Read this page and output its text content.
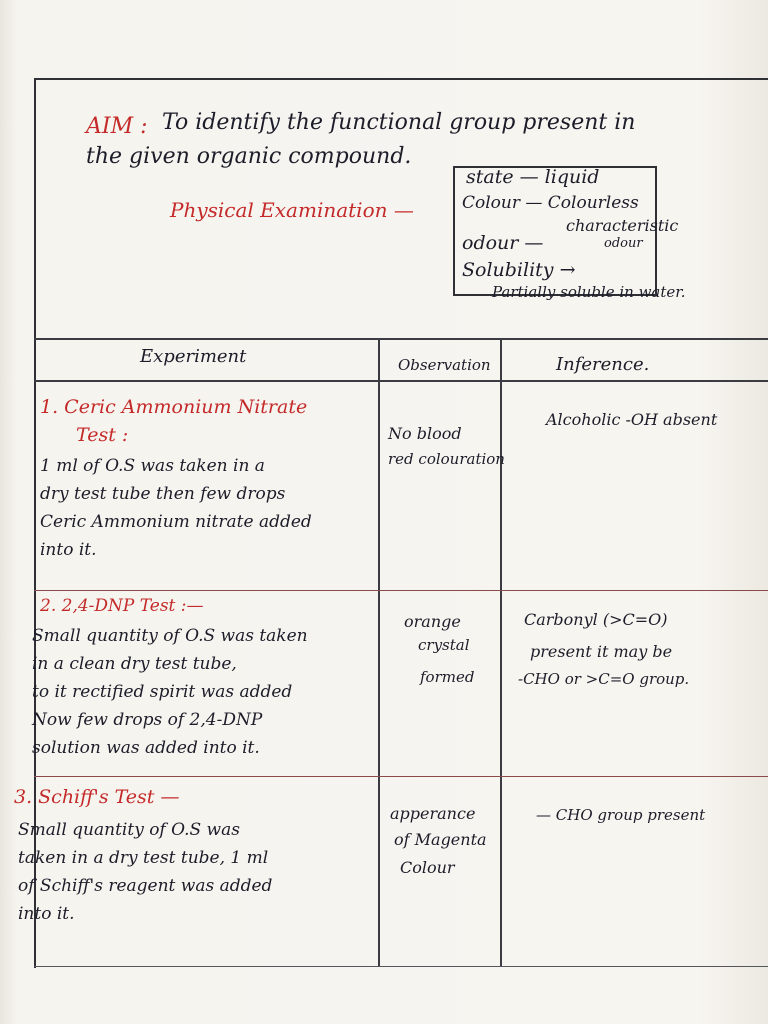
AIM : To identify the functional group present in
the given organic compound.
Physical Examination —
state — liquid
Colour — Colourless
odour —
characteristic
odour
Solubility →
Partially soluble in water.
Experiment	Observation	Inference.
1. Ceric Ammonium Nitrate
Test :
1 ml of O.S was taken in a
dry test tube then few drops
Ceric Ammonium nitrate added
into it.
No blood
red colouration
Alcoholic -OH absent
2. 2,4-DNP Test :—
Small quantity of O.S was taken
in a clean dry test tube,
to it rectified spirit was added
Now few drops of 2,4-DNP
solution was added into it.
orange
crystal
formed
Carbonyl (>C=O)
present it may be
-CHO or >C=O group.
3. Schiff's Test —
Small quantity of O.S was
taken in a dry test tube, 1 ml
of Schiff's reagent was added
into it.
apperance
of Magenta
Colour
— CHO group present
